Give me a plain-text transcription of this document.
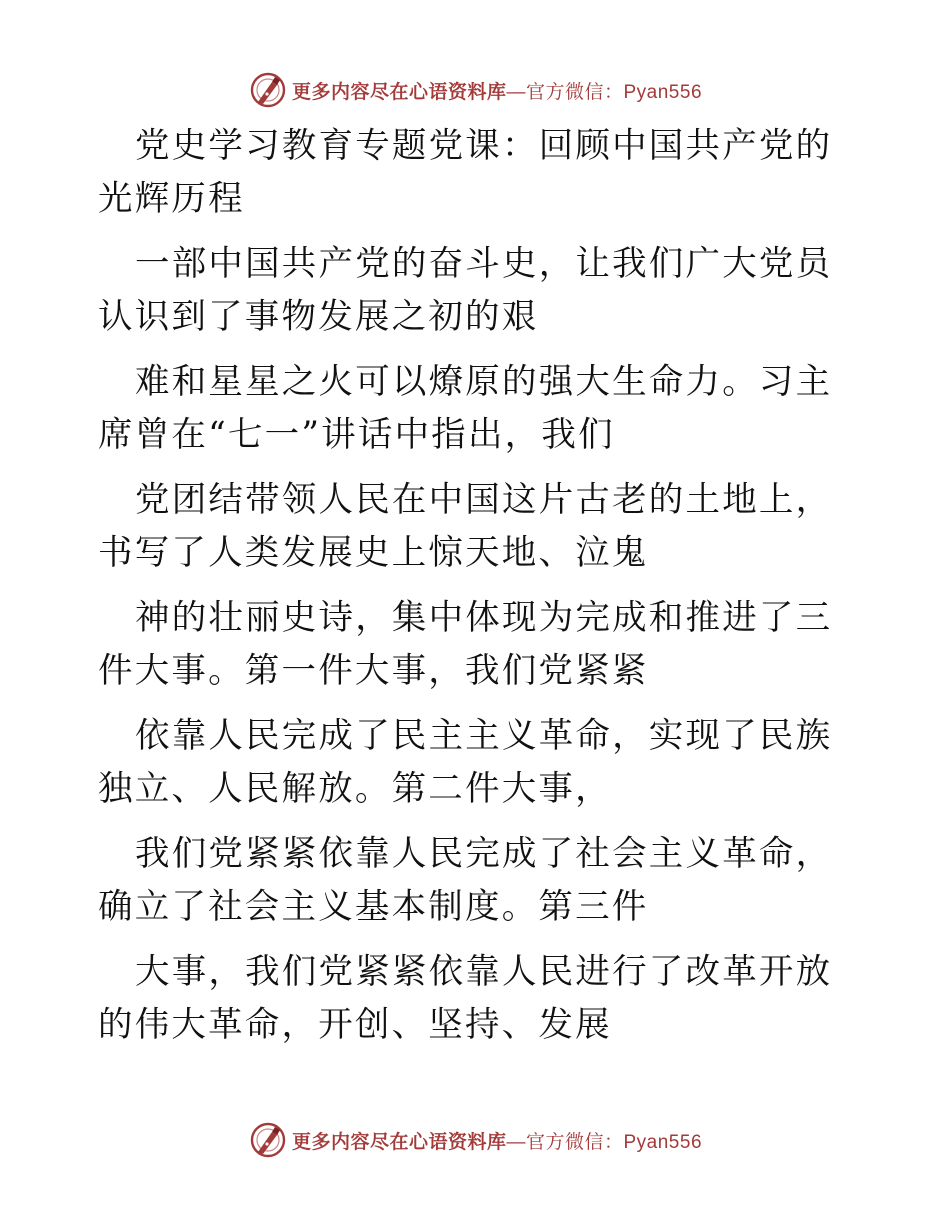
更多内容尽在心语资料库 —官方微信：Pyan556

党史学习教育专题党课：回顾中国共产党的光辉历程

一部中国共产党的奋斗史，让我们广大党员认识到了事物发展之初的艰

难和星星之火可以燎原的强大生命力。习主席曾在“七一”讲话中指出，我们

党团结带领人民在中国这片古老的土地上，书写了人类发展史上惊天地、泣鬼

神的壮丽史诗，集中体现为完成和推进了三件大事。第一件大事，我们党紧紧

依靠人民完成了民主主义革命，实现了民族独立、人民解放。第二件大事，

我们党紧紧依靠人民完成了社会主义革命，确立了社会主义基本制度。第三件

大事，我们党紧紧依靠人民进行了改革开放的伟大革命，开创、坚持、发展

更多内容尽在心语资料库 —官方微信：Pyan556
